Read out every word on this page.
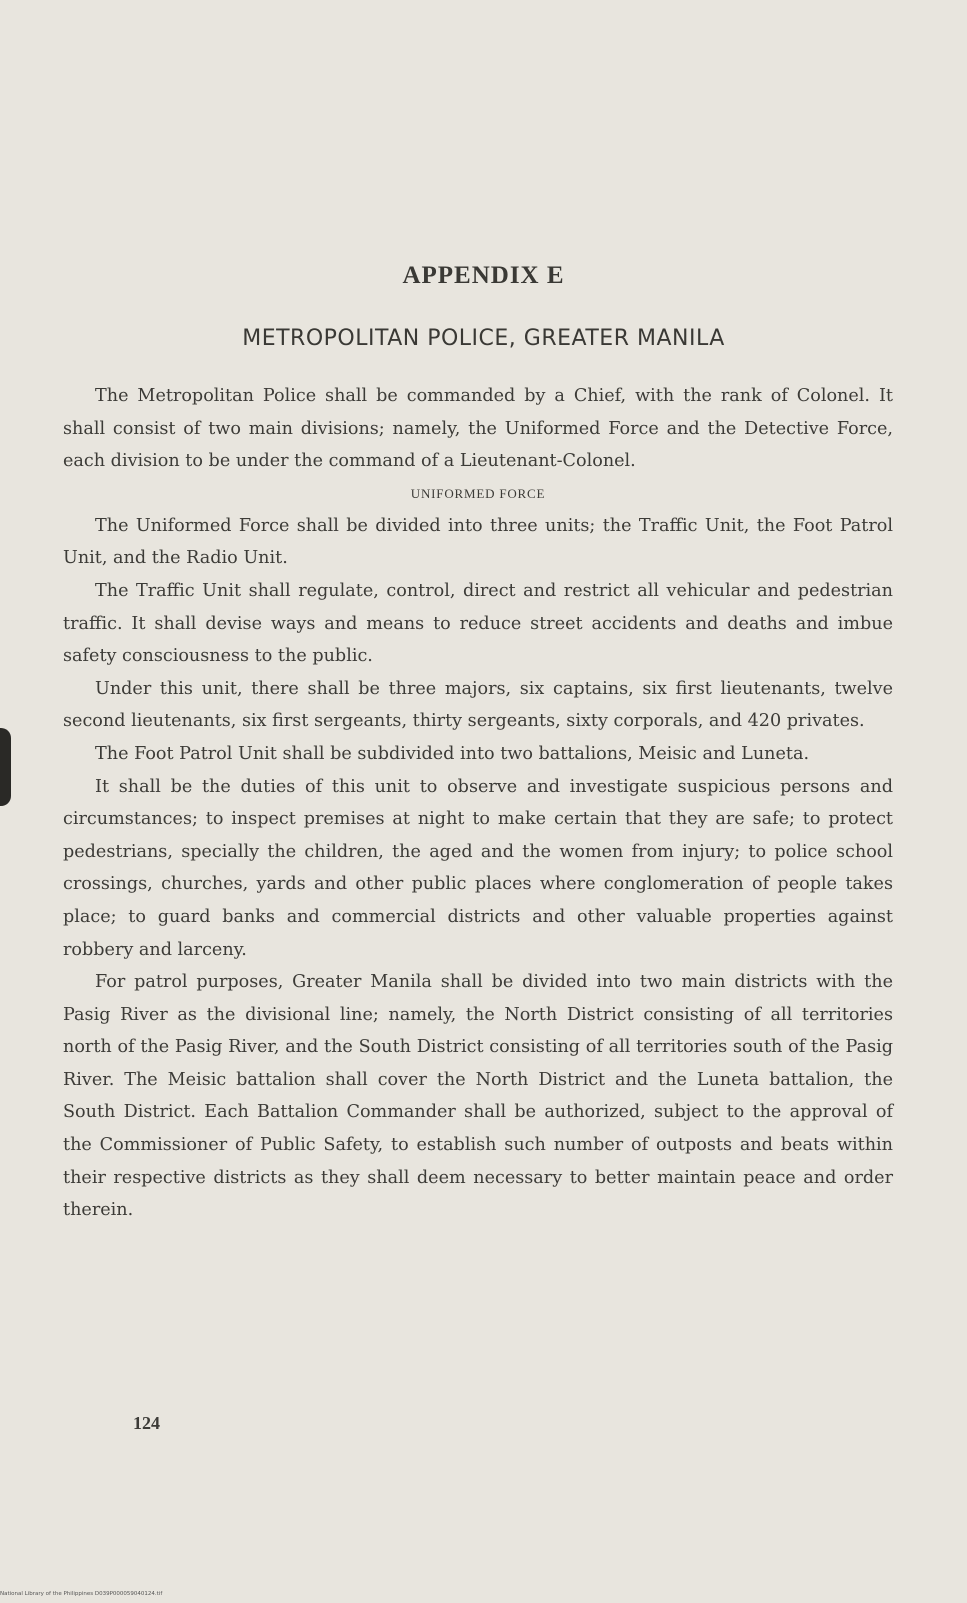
APPENDIX E
METROPOLITAN POLICE, GREATER MANILA

The Metropolitan Police shall be commanded by a Chief, with the rank of Colonel. It shall consist of two main divisions; namely, the Uniformed Force and the Detective Force, each division to be under the command of a Lieutenant-Colonel.

UNIFORMED FORCE

The Uniformed Force shall be divided into three units; the Traffic Unit, the Foot Patrol Unit, and the Radio Unit.

The Traffic Unit shall regulate, control, direct and restrict all vehicular and pedestrian traffic. It shall devise ways and means to reduce street accidents and deaths and imbue safety consciousness to the public.

Under this unit, there shall be three majors, six captains, six first lieutenants, twelve second lieutenants, six first sergeants, thirty sergeants, sixty corporals, and 420 privates.

The Foot Patrol Unit shall be subdivided into two battalions, Meisic and Luneta.

It shall be the duties of this unit to observe and investigate suspicious persons and circumstances; to inspect premises at night to make certain that they are safe; to protect pedestrians, specially the children, the aged and the women from injury; to police school crossings, churches, yards and other public places where conglomeration of people takes place; to guard banks and commercial districts and other valuable properties against robbery and larceny.

For patrol purposes, Greater Manila shall be divided into two main districts with the Pasig River as the divisional line; namely, the North District consisting of all territories north of the Pasig River, and the South District consisting of all territories south of the Pasig River. The Meisic battalion shall cover the North District and the Luneta battalion, the South District. Each Battalion Commander shall be authorized, subject to the approval of the Commissioner of Public Safety, to establish such number of outposts and beats within their respective districts as they shall deem necessary to better maintain peace and order therein.

124
National Library of the Philippines D039P000059040124.tif
